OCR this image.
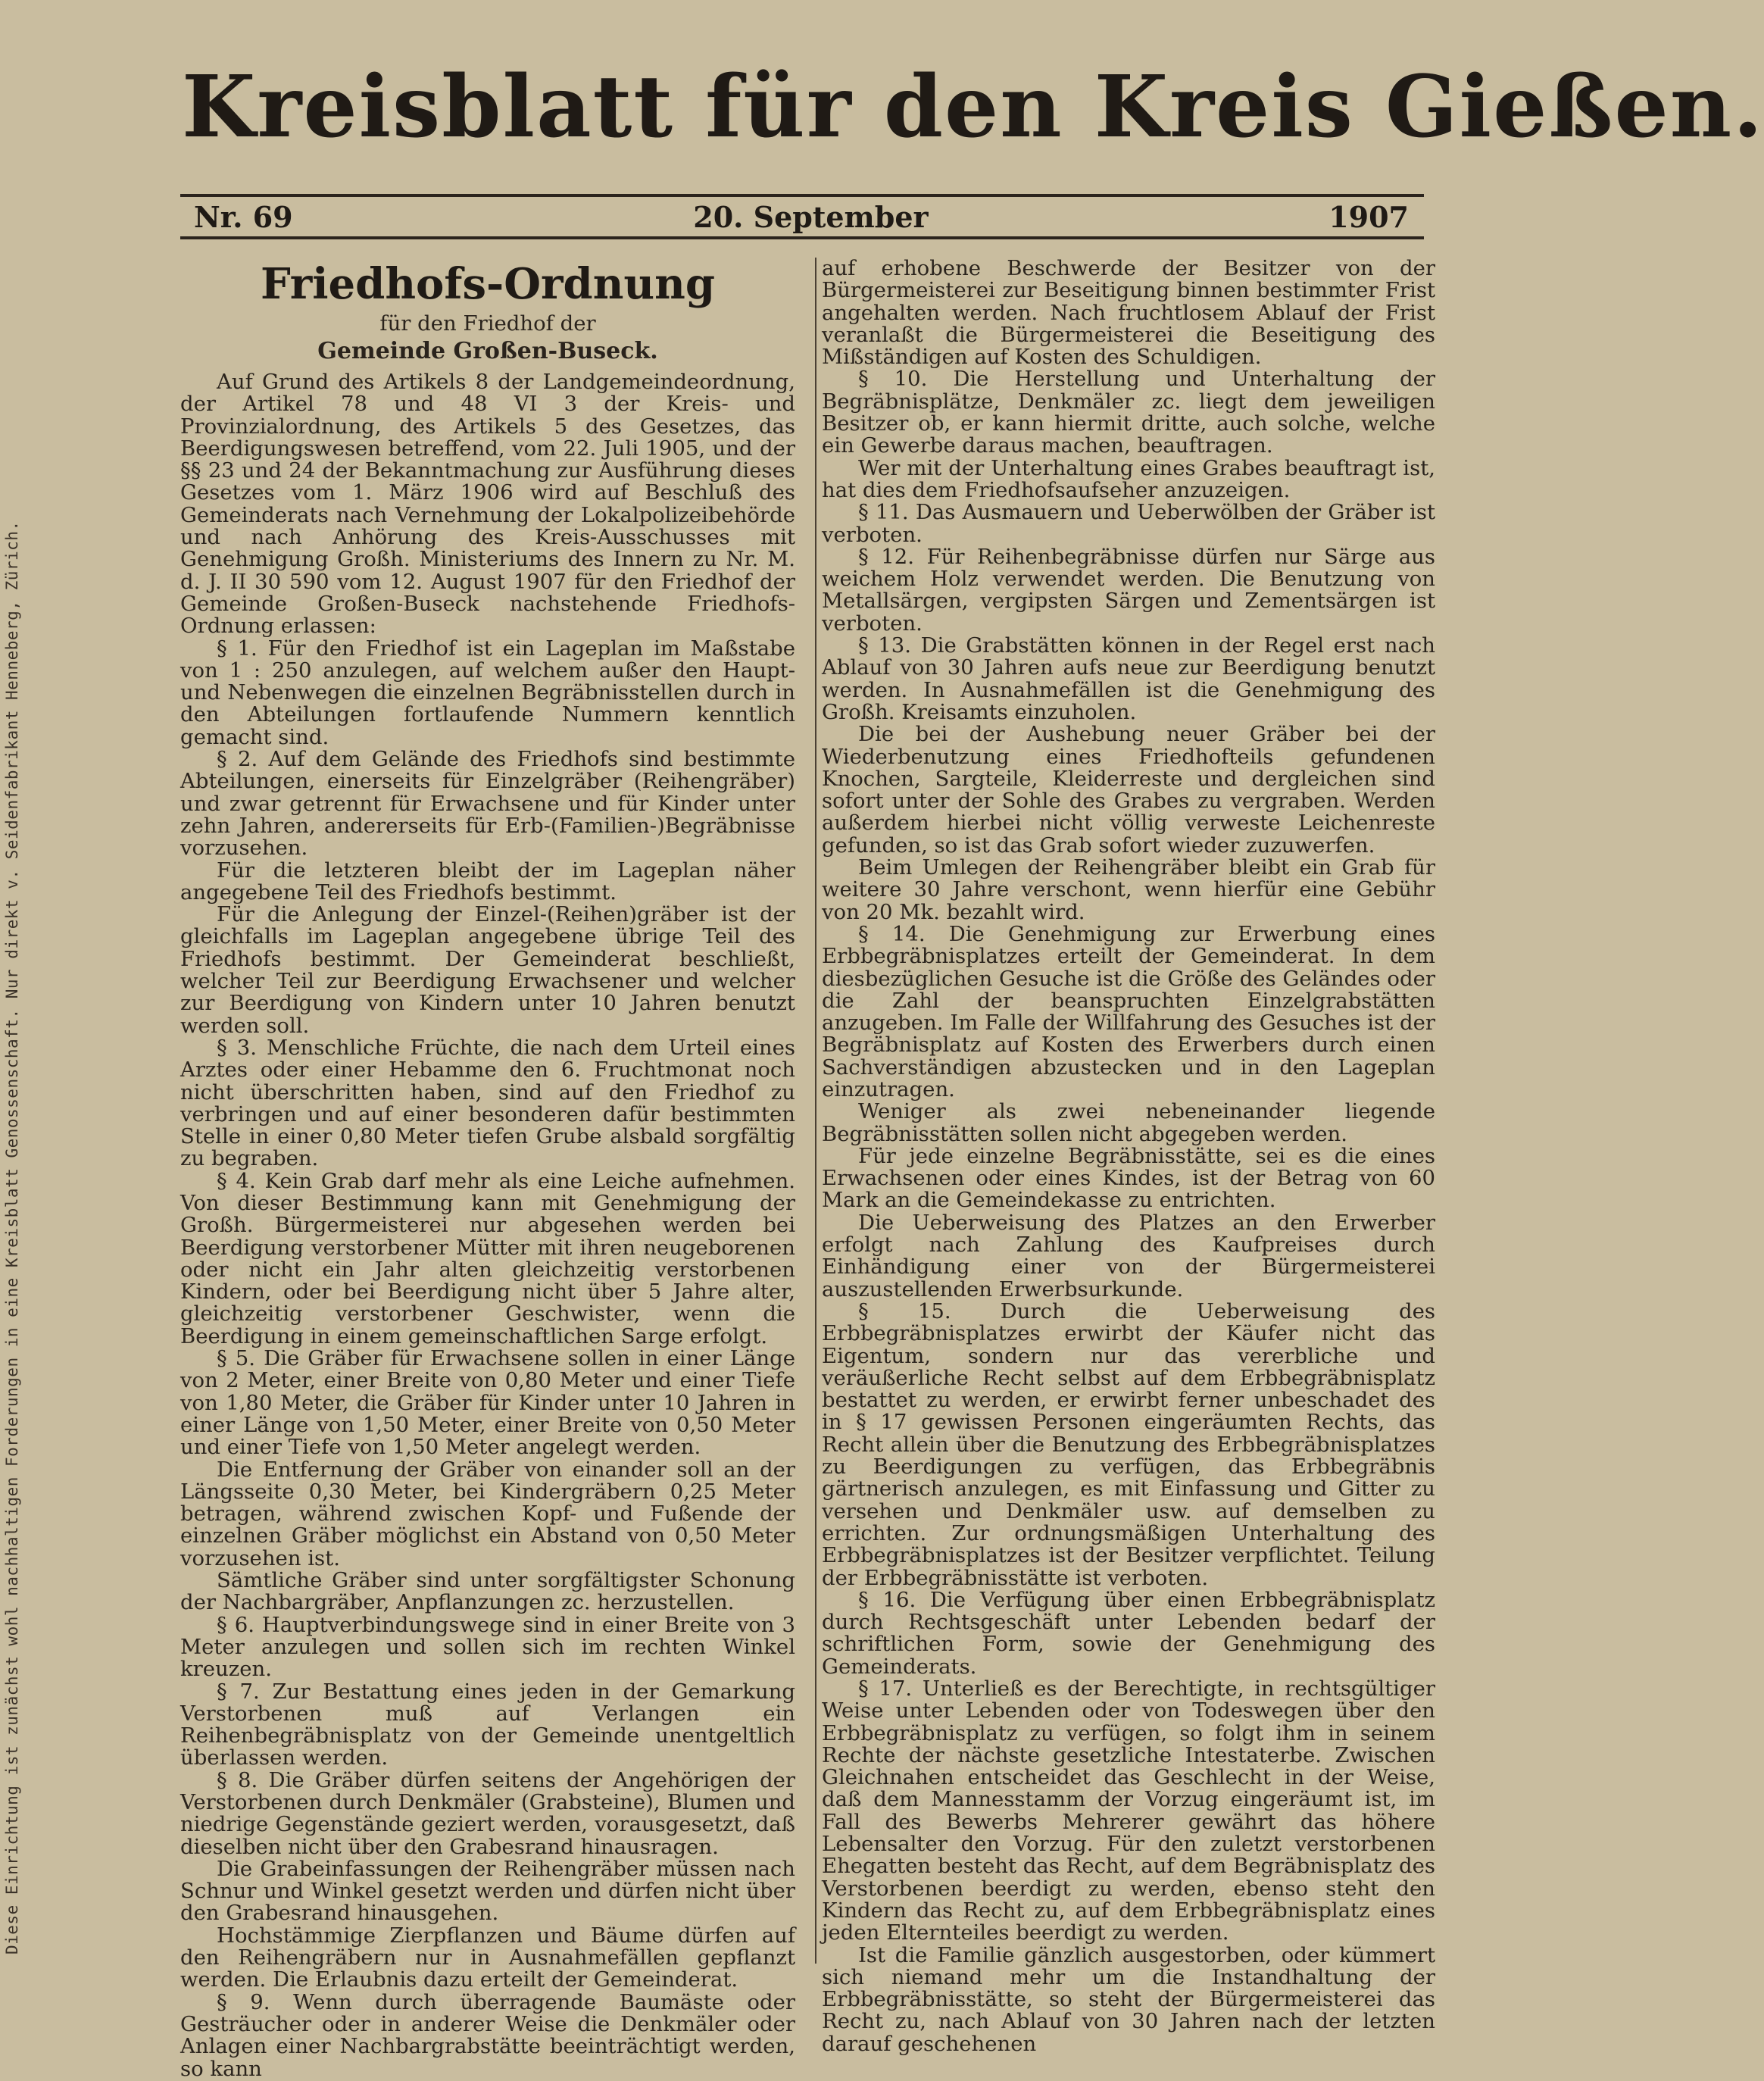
Diese Einrichtung ist zunächst wohl nachhaltigen Forderungen in eine Kreisblatt Genossenschaft. Nur direkt v. Seidenfabrikant Henneberg, Zürich.
Kreisblatt für den Kreis Gießen.
Nr. 69	20. September	1907
Friedhofs-Ordnung
für den Friedhof der
Gemeinde Großen-Buseck.

Auf Grund des Artikels 8 der Landgemeindeordnung, der Artikel 78 und 48 VI 3 der Kreis- und Provinzialordnung, des Artikels 5 des Gesetzes, das Beerdigungswesen betreffend, vom 22. Juli 1905, und der §§ 23 und 24 der Bekanntmachung zur Ausführung dieses Gesetzes vom 1. März 1906 wird auf Beschluß des Gemeinderats nach Vernehmung der Lokalpolizeibehörde und nach Anhörung des Kreis-Ausschusses mit Genehmigung Großh. Ministeriums des Innern zu Nr. M. d. J. II 30 590 vom 12. August 1907 für den Friedhof der Gemeinde Großen-Buseck nachstehende Friedhofs-Ordnung erlassen:

§ 1. Für den Friedhof ist ein Lageplan im Maßstabe von 1 : 250 anzulegen, auf welchem außer den Haupt- und Nebenwegen die einzelnen Begräbnisstellen durch in den Abteilungen fortlaufende Nummern kenntlich gemacht sind.

§ 2. Auf dem Gelände des Friedhofs sind bestimmte Abteilungen, einerseits für Einzelgräber (Reihengräber) und zwar getrennt für Erwachsene und für Kinder unter zehn Jahren, andererseits für Erb-(Familien-)Begräbnisse vorzusehen.

Für die letzteren bleibt der im Lageplan näher angegebene Teil des Friedhofs bestimmt.

Für die Anlegung der Einzel-(Reihen)gräber ist der gleichfalls im Lageplan angegebene übrige Teil des Friedhofs bestimmt. Der Gemeinderat beschließt, welcher Teil zur Beerdigung Erwachsener und welcher zur Beerdigung von Kindern unter 10 Jahren benutzt werden soll.

§ 3. Menschliche Früchte, die nach dem Urteil eines Arztes oder einer Hebamme den 6. Fruchtmonat noch nicht überschritten haben, sind auf den Friedhof zu verbringen und auf einer besonderen dafür bestimmten Stelle in einer 0,80 Meter tiefen Grube alsbald sorgfältig zu begraben.

§ 4. Kein Grab darf mehr als eine Leiche aufnehmen. Von dieser Bestimmung kann mit Genehmigung der Großh. Bürgermeisterei nur abgesehen werden bei Beerdigung verstorbener Mütter mit ihren neugeborenen oder nicht ein Jahr alten gleichzeitig verstorbenen Kindern, oder bei Beerdigung nicht über 5 Jahre alter, gleichzeitig verstorbener Geschwister, wenn die Beerdigung in einem gemeinschaftlichen Sarge erfolgt.

§ 5. Die Gräber für Erwachsene sollen in einer Länge von 2 Meter, einer Breite von 0,80 Meter und einer Tiefe von 1,80 Meter, die Gräber für Kinder unter 10 Jahren in einer Länge von 1,50 Meter, einer Breite von 0,50 Meter und einer Tiefe von 1,50 Meter angelegt werden.

Die Entfernung der Gräber von einander soll an der Längsseite 0,30 Meter, bei Kindergräbern 0,25 Meter betragen, während zwischen Kopf- und Fußende der einzelnen Gräber möglichst ein Abstand von 0,50 Meter vorzusehen ist.

Sämtliche Gräber sind unter sorgfältigster Schonung der Nachbargräber, Anpflanzungen zc. herzustellen.

§ 6. Hauptverbindungswege sind in einer Breite von 3 Meter anzulegen und sollen sich im rechten Winkel kreuzen.

§ 7. Zur Bestattung eines jeden in der Gemarkung Verstorbenen muß auf Verlangen ein Reihenbegräbnisplatz von der Gemeinde unentgeltlich überlassen werden.

§ 8. Die Gräber dürfen seitens der Angehörigen der Verstorbenen durch Denkmäler (Grabsteine), Blumen und niedrige Gegenstände geziert werden, vorausgesetzt, daß dieselben nicht über den Grabesrand hinausragen.

Die Grabeinfassungen der Reihengräber müssen nach Schnur und Winkel gesetzt werden und dürfen nicht über den Grabesrand hinausgehen.

Hochstämmige Zierpflanzen und Bäume dürfen auf den Reihengräbern nur in Ausnahmefällen gepflanzt werden. Die Erlaubnis dazu erteilt der Gemeinderat.

§ 9. Wenn durch überragende Baumäste oder Gesträucher oder in anderer Weise die Denkmäler oder Anlagen einer Nachbargrabstätte beeinträchtigt werden, so kann

auf erhobene Beschwerde der Besitzer von der Bürgermeisterei zur Beseitigung binnen bestimmter Frist angehalten werden. Nach fruchtlosem Ablauf der Frist veranlaßt die Bürgermeisterei die Beseitigung des Mißständigen auf Kosten des Schuldigen.

§ 10. Die Herstellung und Unterhaltung der Begräbnisplätze, Denkmäler zc. liegt dem jeweiligen Besitzer ob, er kann hiermit dritte, auch solche, welche ein Gewerbe daraus machen, beauftragen.

Wer mit der Unterhaltung eines Grabes beauftragt ist, hat dies dem Friedhofsaufseher anzuzeigen.

§ 11. Das Ausmauern und Ueberwölben der Gräber ist verboten.

§ 12. Für Reihenbegräbnisse dürfen nur Särge aus weichem Holz verwendet werden. Die Benutzung von Metallsärgen, vergipsten Särgen und Zementsärgen ist verboten.

§ 13. Die Grabstätten können in der Regel erst nach Ablauf von 30 Jahren aufs neue zur Beerdigung benutzt werden. In Ausnahmefällen ist die Genehmigung des Großh. Kreisamts einzuholen.

Die bei der Aushebung neuer Gräber bei der Wiederbenutzung eines Friedhofteils gefundenen Knochen, Sargteile, Kleiderreste und dergleichen sind sofort unter der Sohle des Grabes zu vergraben. Werden außerdem hierbei nicht völlig verweste Leichenreste gefunden, so ist das Grab sofort wieder zuzuwerfen.

Beim Umlegen der Reihengräber bleibt ein Grab für weitere 30 Jahre verschont, wenn hierfür eine Gebühr von 20 Mk. bezahlt wird.

§ 14. Die Genehmigung zur Erwerbung eines Erbbegräbnisplatzes erteilt der Gemeinderat. In dem diesbezüglichen Gesuche ist die Größe des Geländes oder die Zahl der beanspruchten Einzelgrabstätten anzugeben. Im Falle der Willfahrung des Gesuches ist der Begräbnisplatz auf Kosten des Erwerbers durch einen Sachverständigen abzustecken und in den Lageplan einzutragen.

Weniger als zwei nebeneinander liegende Begräbnisstätten sollen nicht abgegeben werden.

Für jede einzelne Begräbnisstätte, sei es die eines Erwachsenen oder eines Kindes, ist der Betrag von 60 Mark an die Gemeindekasse zu entrichten.

Die Ueberweisung des Platzes an den Erwerber erfolgt nach Zahlung des Kaufpreises durch Einhändigung einer von der Bürgermeisterei auszustellenden Erwerbsurkunde.

§ 15. Durch die Ueberweisung des Erbbegräbnisplatzes erwirbt der Käufer nicht das Eigentum, sondern nur das vererbliche und veräußerliche Recht selbst auf dem Erbbegräbnisplatz bestattet zu werden, er erwirbt ferner unbeschadet des in § 17 gewissen Personen eingeräumten Rechts, das Recht allein über die Benutzung des Erbbegräbnisplatzes zu Beerdigungen zu verfügen, das Erbbegräbnis gärtnerisch anzulegen, es mit Einfassung und Gitter zu versehen und Denkmäler usw. auf demselben zu errichten. Zur ordnungsmäßigen Unterhaltung des Erbbegräbnisplatzes ist der Besitzer verpflichtet. Teilung der Erbbegräbnisstätte ist verboten.

§ 16. Die Verfügung über einen Erbbegräbnisplatz durch Rechtsgeschäft unter Lebenden bedarf der schriftlichen Form, sowie der Genehmigung des Gemeinderats.

§ 17. Unterließ es der Berechtigte, in rechtsgültiger Weise unter Lebenden oder von Todeswegen über den Erbbegräbnisplatz zu verfügen, so folgt ihm in seinem Rechte der nächste gesetzliche Intestaterbe. Zwischen Gleichnahen entscheidet das Geschlecht in der Weise, daß dem Mannesstamm der Vorzug eingeräumt ist, im Fall des Bewerbs Mehrerer gewährt das höhere Lebensalter den Vorzug. Für den zuletzt verstorbenen Ehegatten besteht das Recht, auf dem Begräbnisplatz des Verstorbenen beerdigt zu werden, ebenso steht den Kindern das Recht zu, auf dem Erbbegräbnisplatz eines jeden Elternteiles beerdigt zu werden.

Ist die Familie gänzlich ausgestorben, oder kümmert sich niemand mehr um die Instandhaltung der Erbbegräbnisstätte, so steht der Bürgermeisterei das Recht zu, nach Ablauf von 30 Jahren nach der letzten darauf geschehenen
